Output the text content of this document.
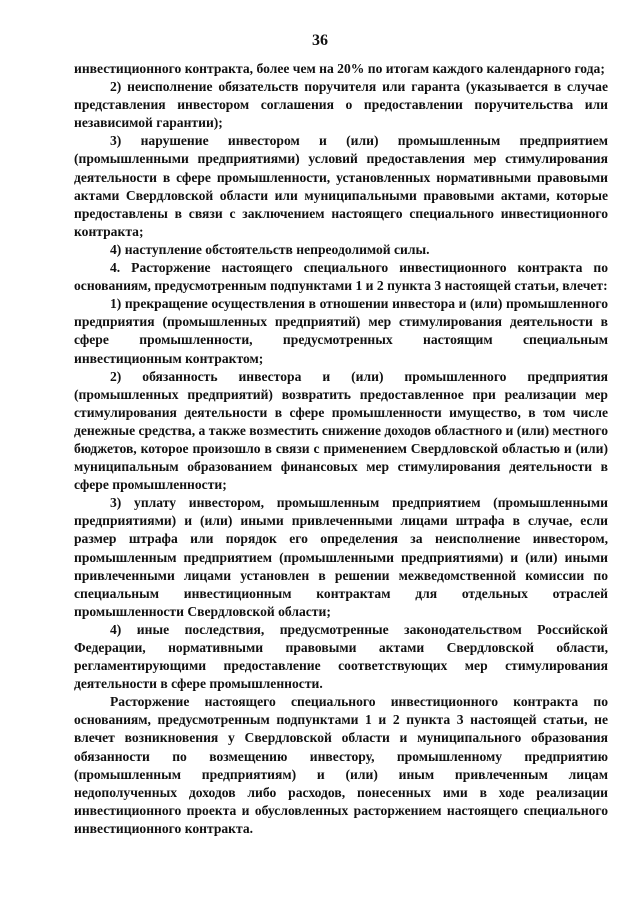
36

инвестиционного контракта, более чем на 20% по итогам каждого календарного года;

2) неисполнение обязательств поручителя или гаранта (указывается в случае представления инвестором соглашения о предоставлении поручительства или независимой гарантии);

3) нарушение инвестором и (или) промышленным предприятием (промышленными предприятиями) условий предоставления мер стимулирования деятельности в сфере промышленности, установленных нормативными правовыми актами Свердловской области или муниципальными правовыми актами, которые предоставлены в связи с заключением настоящего специального инвестиционного контракта;

4) наступление обстоятельств непреодолимой силы.

4. Расторжение настоящего специального инвестиционного контракта по основаниям, предусмотренным подпунктами 1 и 2 пункта 3 настоящей статьи, влечет:

1) прекращение осуществления в отношении инвестора и (или) промышленного предприятия (промышленных предприятий) мер стимулирования деятельности в сфере промышленности, предусмотренных настоящим специальным инвестиционным контрактом;

2) обязанность инвестора и (или) промышленного предприятия (промышленных предприятий) возвратить предоставленное при реализации мер стимулирования деятельности в сфере промышленности имущество, в том числе денежные средства, а также возместить снижение доходов областного и (или) местного бюджетов, которое произошло в связи с применением Свердловской областью и (или) муниципальным образованием финансовых мер стимулирования деятельности в сфере промышленности;

3) уплату инвестором, промышленным предприятием (промышленными предприятиями) и (или) иными привлеченными лицами штрафа в случае, если размер штрафа или порядок его определения за неисполнение инвестором, промышленным предприятием (промышленными предприятиями) и (или) иными привлеченными лицами установлен в решении межведомственной комиссии по специальным инвестиционным контрактам для отдельных отраслей промышленности Свердловской области;

4) иные последствия, предусмотренные законодательством Российской Федерации, нормативными правовыми актами Свердловской области, регламентирующими предоставление соответствующих мер стимулирования деятельности в сфере промышленности.

Расторжение настоящего специального инвестиционного контракта по основаниям, предусмотренным подпунктами 1 и 2 пункта 3 настоящей статьи, не влечет возникновения у Свердловской области и муниципального образования обязанности по возмещению инвестору, промышленному предприятию (промышленным предприятиям) и (или) иным привлеченным лицам недополученных доходов либо расходов, понесенных ими в ходе реализации инвестиционного проекта и обусловленных расторжением настоящего специального инвестиционного контракта.
